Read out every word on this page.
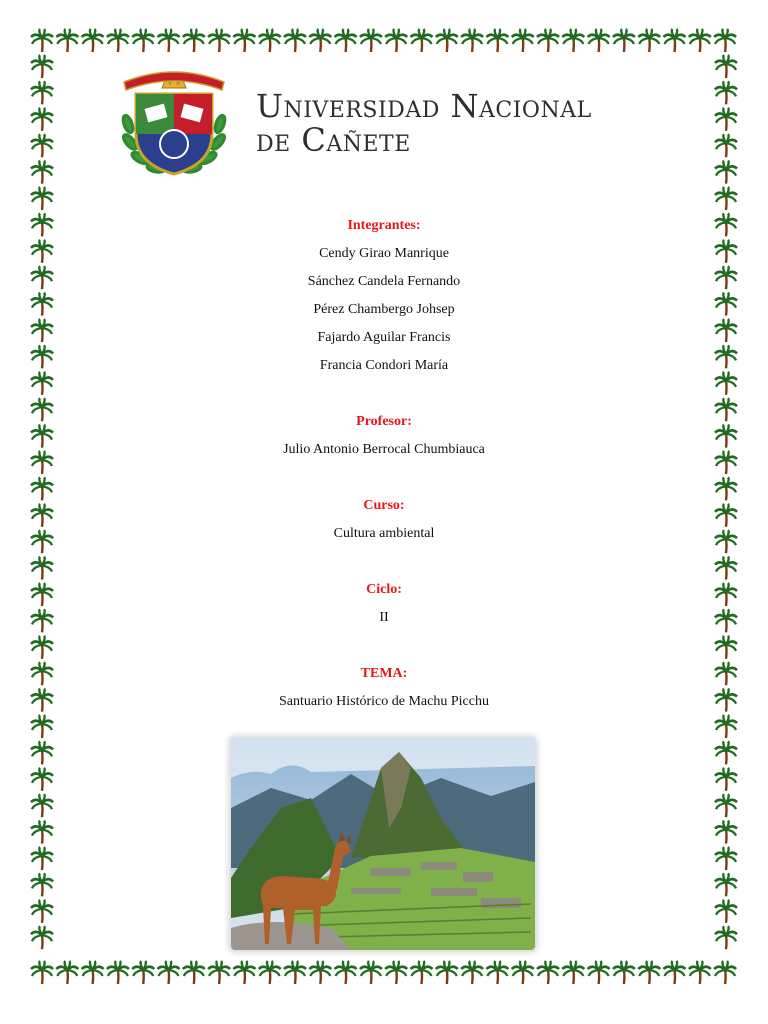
Universidad Nacional
de Cañete
Integrantes:
Cendy Girao Manrique
Sánchez Candela Fernando
Pérez Chambergo Johsep
Fajardo Aguilar Francis
Francia Condori María
Profesor:
Julio Antonio Berrocal Chumbiauca
Curso:
Cultura ambiental
Ciclo:
II
TEMA:
Santuario Histórico de Machu Picchu
